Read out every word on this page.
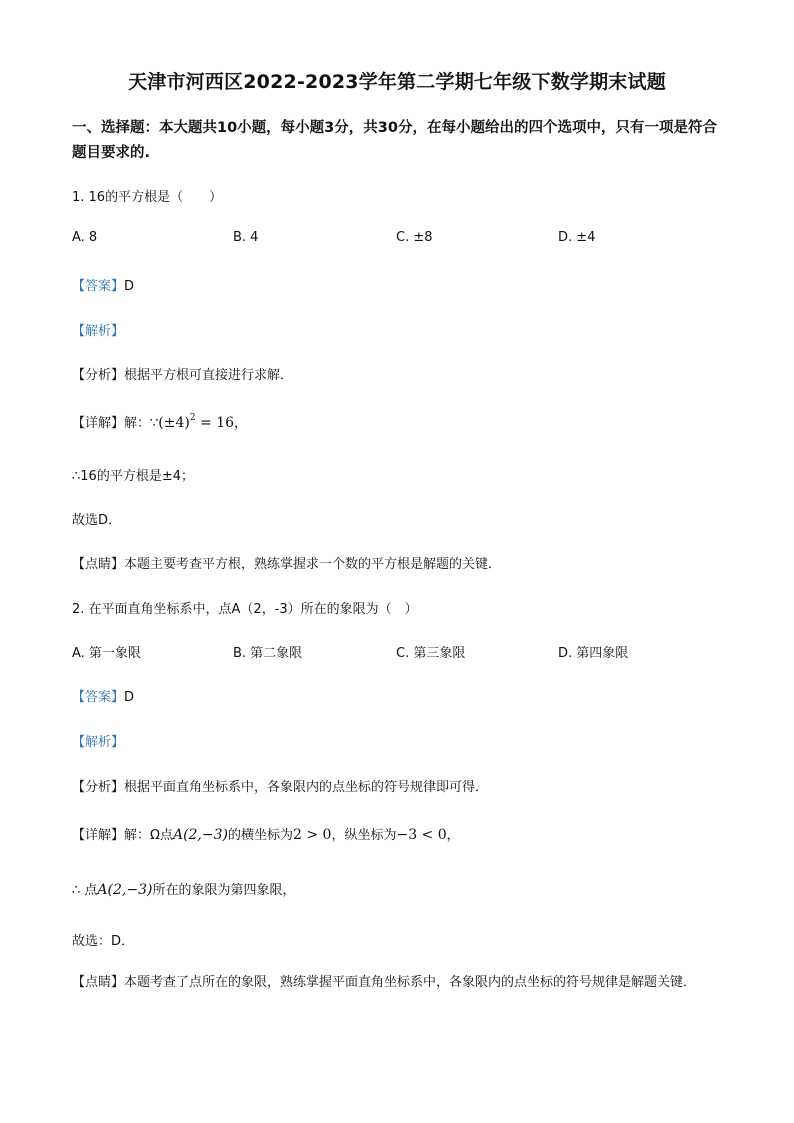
天津市河西区2022-2023学年第二学期七年级下数学期末试题
一、选择题：本大题共10小题，每小题3分，共30分，在每小题给出的四个选项中，只有一项是符合题目要求的.
1. 16的平方根是（　　）
A. 8	B. 4	C. ±8	D. ±4
【答案】D
【解析】
【分析】根据平方根可直接进行求解．
【详解】解：$\because(\pm 4)^2 = 16$，
∴16的平方根是±4；
故选D．
【点睛】本题主要考查平方根，熟练掌握求一个数的平方根是解题的关键．
2. 在平面直角坐标系中，点A（2，-3）所在的象限为（　）
A. 第一象限	B. 第二象限	C. 第三象限	D. 第四象限
【答案】D
【解析】
【分析】根据平面直角坐标系中，各象限内的点坐标的符号规律即可得．
【详解】解：Ω点A(2,−3)的横坐标为2 > 0，纵坐标为−3 < 0，
∴ 点A(2,−3)所在的象限为第四象限，
故选：D．
【点睛】本题考查了点所在的象限，熟练掌握平面直角坐标系中，各象限内的点坐标的符号规律是解题关键．
